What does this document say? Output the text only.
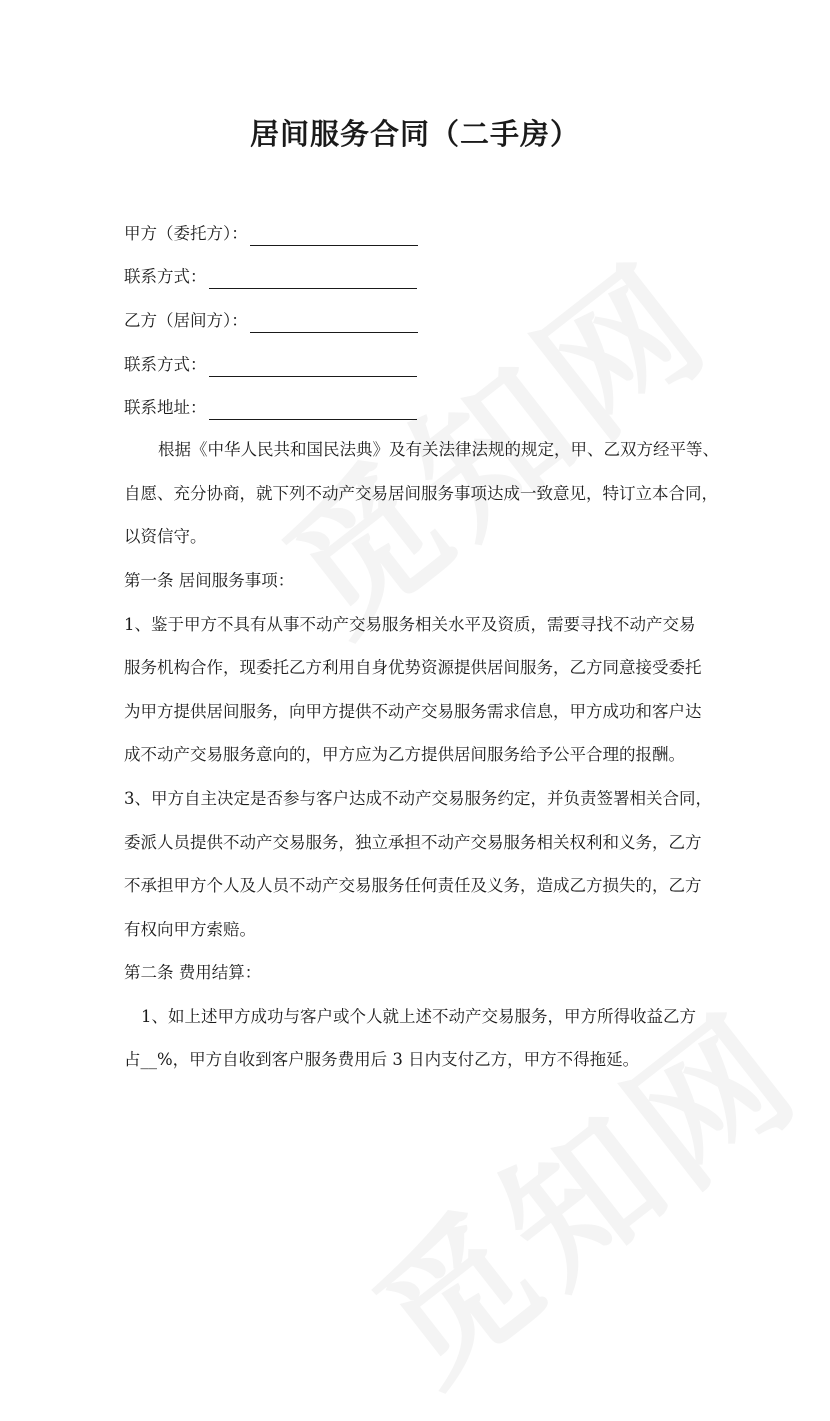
居间服务合同（二手房）
甲方（委托方）：
联系方式：
乙方（居间方）：
联系方式：
联系地址：
根据《中华人民共和国民法典》及有关法律法规的规定，甲、乙双方经平等、
自愿、充分协商，就下列不动产交易居间服务事项达成一致意见，特订立本合同，
以资信守。
第一条 居间服务事项：
1、鉴于甲方不具有从事不动产交易服务相关水平及资质，需要寻找不动产交易
服务机构合作，现委托乙方利用自身优势资源提供居间服务，乙方同意接受委托
为甲方提供居间服务，向甲方提供不动产交易服务需求信息，甲方成功和客户达
成不动产交易服务意向的，甲方应为乙方提供居间服务给予公平合理的报酬。
3、甲方自主决定是否参与客户达成不动产交易服务约定，并负责签署相关合同，
委派人员提供不动产交易服务，独立承担不动产交易服务相关权利和义务，乙方
不承担甲方个人及人员不动产交易服务任何责任及义务，造成乙方损失的，乙方
有权向甲方索赔。
第二条 费用结算：
1、如上述甲方成功与客户或个人就上述不动产交易服务，甲方所得收益乙方
占__%，甲方自收到客户服务费用后 3 日内支付乙方，甲方不得拖延。
